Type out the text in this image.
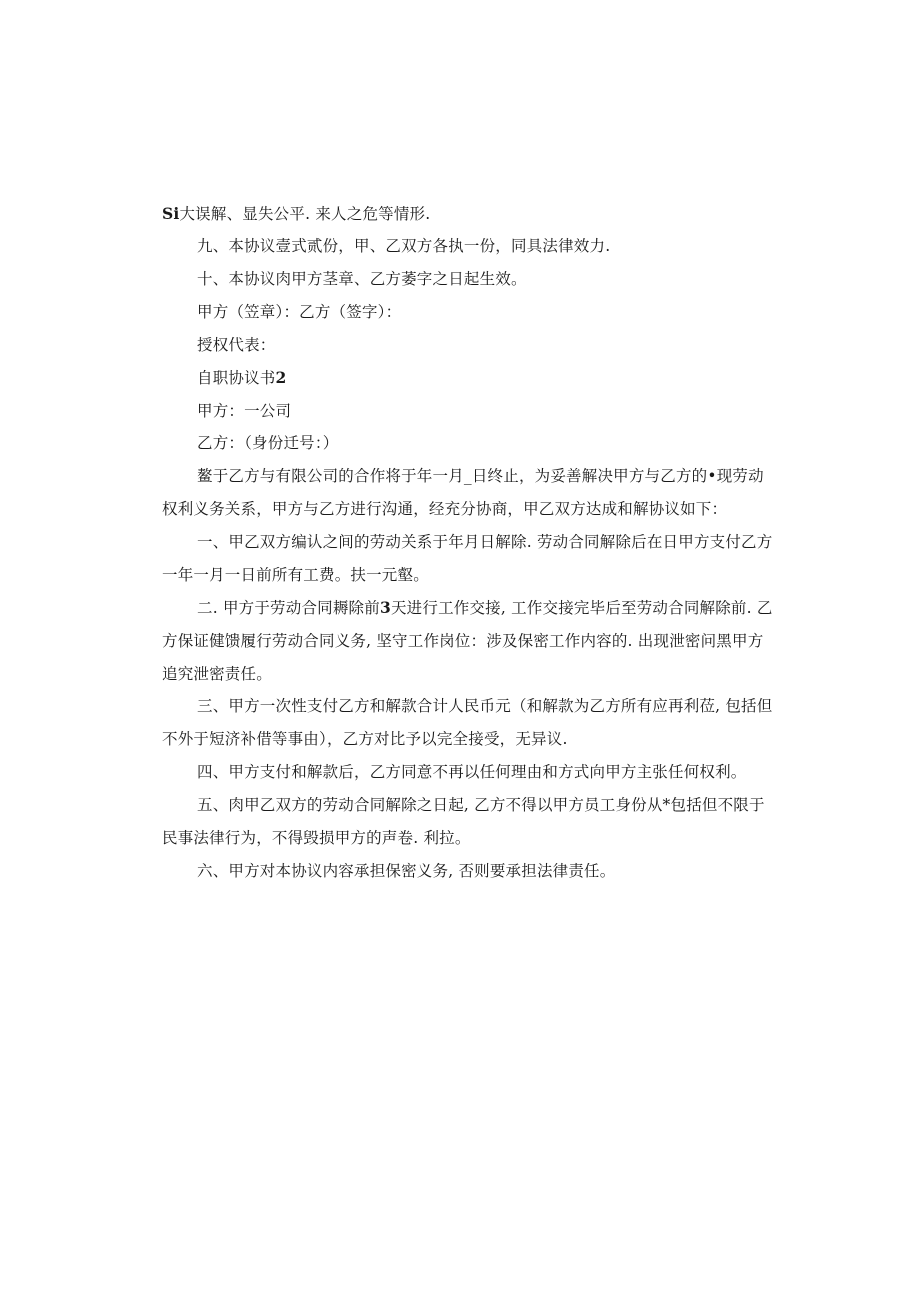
Si大误解、显失公平. 来人之危等情形.
九、本协议壹式贰份，甲、乙双方各执一份，同具法律效力.
十、本协议肉甲方茎章、乙方萎字之日起生效。
甲方（笠章）：乙方（签字）：
授权代表：
自职协议书2
甲方：一公司
乙方：（身份迁号：）
鳌于乙方与有限公司的合作将于年一月_日终止，为妥善解决甲方与乙方的•现劳动
权利义务关系，甲方与乙方进行沟通，经充分协商，甲乙双方达成和解协议如下：
一、甲乙双方编认之间的劳动关系于年月日解除. 劳动合同解除后在日甲方支付乙方
一年一月一日前所有工费。扶一元壑。
二. 甲方于劳动合同耨除前3天进行工作交接, 工作交接完毕后至劳动合同解除前. 乙
方保证健馈履行劳动合同义务, 坚守工作岗位：涉及保密工作内容的. 出现泄密问黑甲方
追究泄密责任。
三、甲方一次性支付乙方和解款合计人民币元（和解款为乙方所有应再利莅, 包括但
不外于短济补借等事由），乙方对比予以完全接受，无异议.
四、甲方支付和解款后，乙方同意不再以任何理由和方式向甲方主张任何权利。
五、肉甲乙双方的劳动合同解除之日起, 乙方不得以甲方员工身份从*包括但不限于
民事法律行为，不得毁损甲方的声卷. 利拉。
六、甲方对本协议内容承担保密义务, 否则要承担法律责任。
